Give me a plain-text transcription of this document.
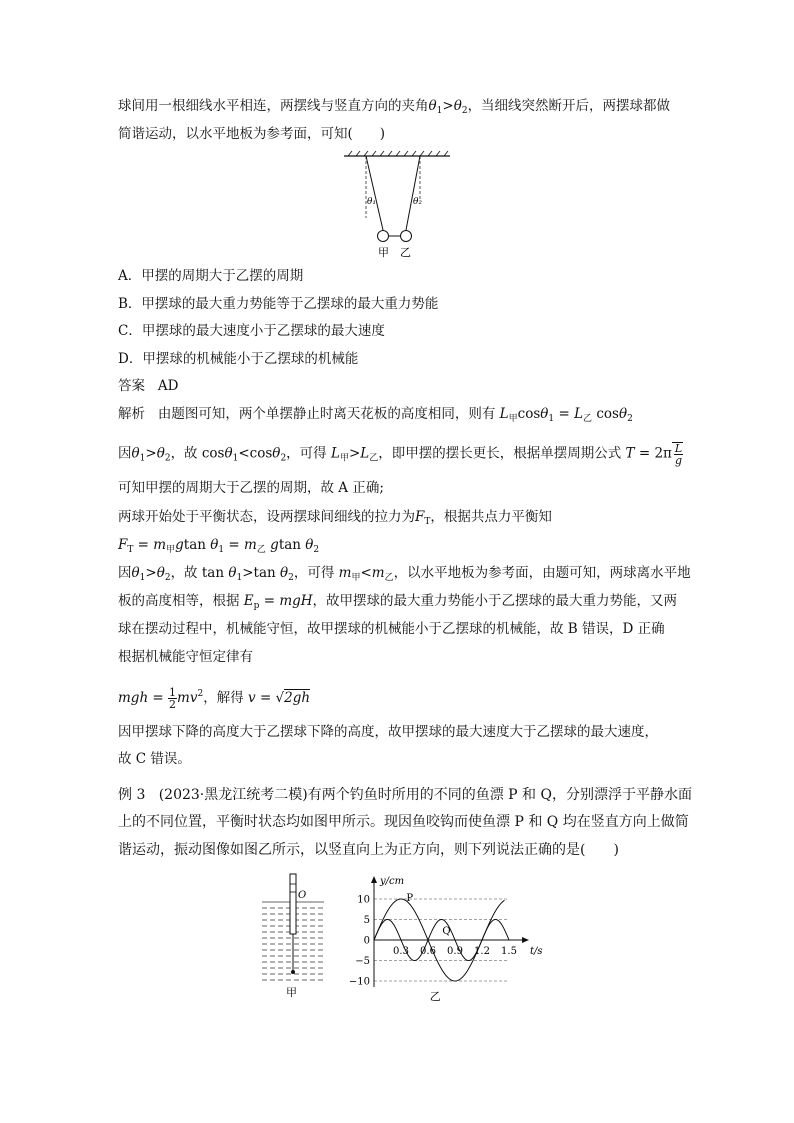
球间用一根细线水平相连，两摆线与竖直方向的夹角$\theta_1>\theta_2$，当细线突然断开后，两摆球都做
简谐运动，以水平地板为参考面，可知(　　)
θ₁	θ₂
甲 乙
A．甲摆的周期大于乙摆的周期
B．甲摆球的最大重力势能等于乙摆球的最大重力势能
C．甲摆球的最大速度小于乙摆球的最大速度
D．甲摆球的机械能小于乙摆球的机械能
答案 AD
解析 由题图可知，两个单摆静止时离天花板的高度相同，则有 $L_甲\cos\theta_1 = L_乙$ cosθ$_2$
因$\theta_1>\theta_2$，故 cosθ$_1$<cosθ$_2$，可得 $L_甲>L_乙$，即甲摆的摆长更长，根据单摆周期公式 $T = 2\pi \frac{L}{g}$
可知甲摆的周期大于乙摆的周期，故 A 正确;
两球开始处于平衡状态，设两摆球间细线的拉力为$F_T$，根据共点力平衡知
$F_T = m_甲gtan$ $\theta_1 = m_乙$ gtan $\theta_2$
因$\theta_1>\theta_2$，故 $\tan \theta_1>\tan$ $\theta_2$，可得 $m_甲<m_乙$，以水平地板为参考面，由题可知，两球离水平地
板的高度相等，根据 $E_p$ = mgH，故甲摆球的最大重力势能小于乙摆球的最大重力势能，又两
球在摆动过程中，机械能守恒，故甲摆球的机械能小于乙摆球的机械能，故 B 错误，D 正确
根据机械能守恒定律有
mgh = $\frac{1}{2} mv^2$，解得 v = √2gh
因甲摆球下降的高度大于乙摆球下降的高度，故甲摆球的最大速度大于乙摆球的最大速度，
故 C 错误。
例 3 (2023·黑龙江统考二模)有两个钓鱼时所用的不同的鱼漂 P 和 Q，分别漂浮于平静水面
上的不同位置，平衡时状态均如图甲所示。现因鱼咬钩而使鱼漂 P 和 Q 均在竖直方向上做简
谐运动，振动图像如图乙所示，以竖直向上为正方向，则下列说法正确的是(　　)
O
甲
10
5
0
−5
−10
0.3 0.6 0.9 1.2 1.5
y/cm
t/s
P
Q
乙
